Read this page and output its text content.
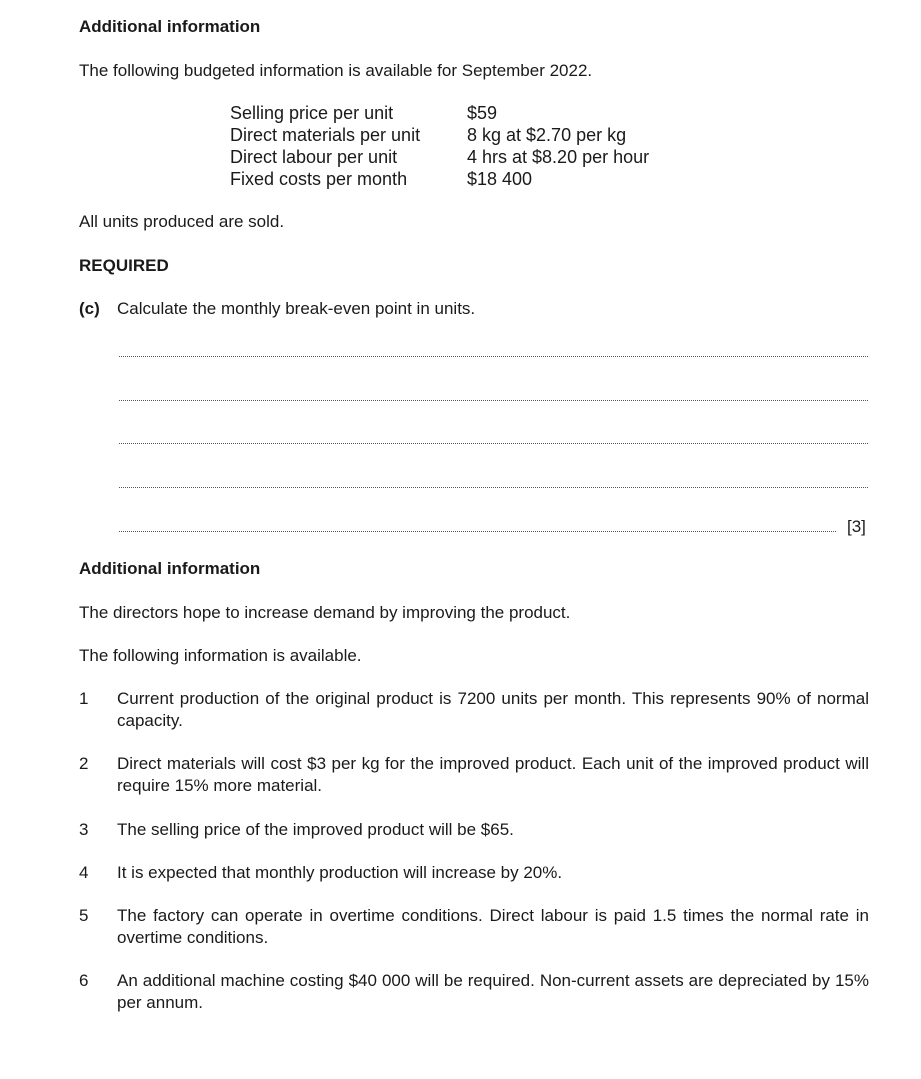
Additional information
The following budgeted information is available for September 2022.
Selling price per unit	$59
Direct materials per unit	8 kg at $2.70 per kg
Direct labour per unit	4 hrs at $8.20 per hour
Fixed costs per month	$18 400
All units produced are sold.
REQUIRED
(c) Calculate the monthly break-even point in units.
[3]
Additional information
The directors hope to increase demand by improving the product.
The following information is available.
1 Current production of the original product is 7200 units per month. This represents 90% of normal capacity.
2 Direct materials will cost $3 per kg for the improved product. Each unit of the improved product will require 15% more material.
3 The selling price of the improved product will be $65.
4 It is expected that monthly production will increase by 20%.
5 The factory can operate in overtime conditions. Direct labour is paid 1.5 times the normal rate in overtime conditions.
6 An additional machine costing $40 000 will be required. Non-current assets are depreciated by 15% per annum.
